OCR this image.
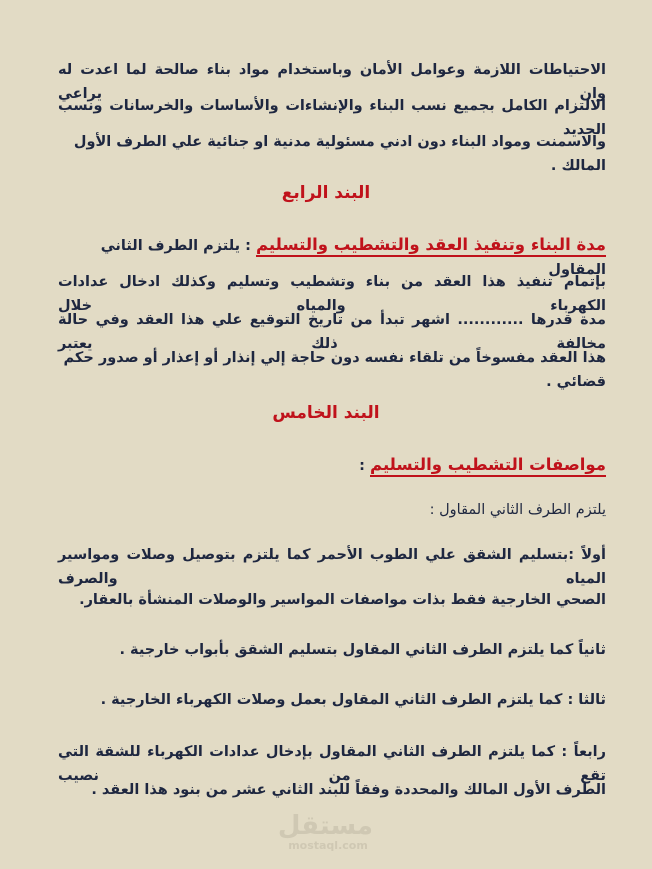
الاحتياطات اللازمة وعوامل الأمان وباستخدام مواد بناء صالحة لما اعدت له وان يراعي
الالتزام الكامل بجميع نسب البناء والإنشاءات والأساسات والخرسانات ونسب الحديد
والاسمنت ومواد البناء دون ادني مسئولية مدنية او جنائية علي الطرف الأول المالك .
البند الرابع
مدة البناء وتنفيذ العقد والتشطيب والتسليم : يلتزم الطرف الثاني المقاول
بإتمام تنفيذ هذا العقد من بناء وتشطيب وتسليم وكذلك ادخال عدادات الكهرباء والمياه خلال
مدة قدرها ............ اشهر تبدأ من تاريخ التوقيع علي هذا العقد وفي حالة مخالفة ذلك يعتبر
هذا العقد مفسوخاً من تلقاء نفسه دون حاجة إلي إنذار أو إعذار أو صدور حكم قضائي .
البند الخامس
مواصفات التشطيب والتسليم :
يلتزم الطرف الثاني المقاول :
أولاً :بتسليم الشقق علي الطوب الأحمر كما يلتزم بتوصيل وصلات ومواسير المياه والصرف
الصحي الخارجية فقط بذات مواصفات المواسير والوصلات المنشأة بالعقار.
ثانياً كما يلتزم الطرف الثاني المقاول بتسليم الشقق بأبواب خارجية .
ثالثا : كما يلتزم الطرف الثاني المقاول بعمل وصلات الكهرباء الخارجية .
رابعاً : كما يلتزم الطرف الثاني المقاول بإدخال عدادات الكهرباء للشقة التي تقع من نصيب
الطرف الأول المالك والمحددة وفقاً للبند الثاني عشر من بنود هذا العقد .
مستقل
mostaql.com
